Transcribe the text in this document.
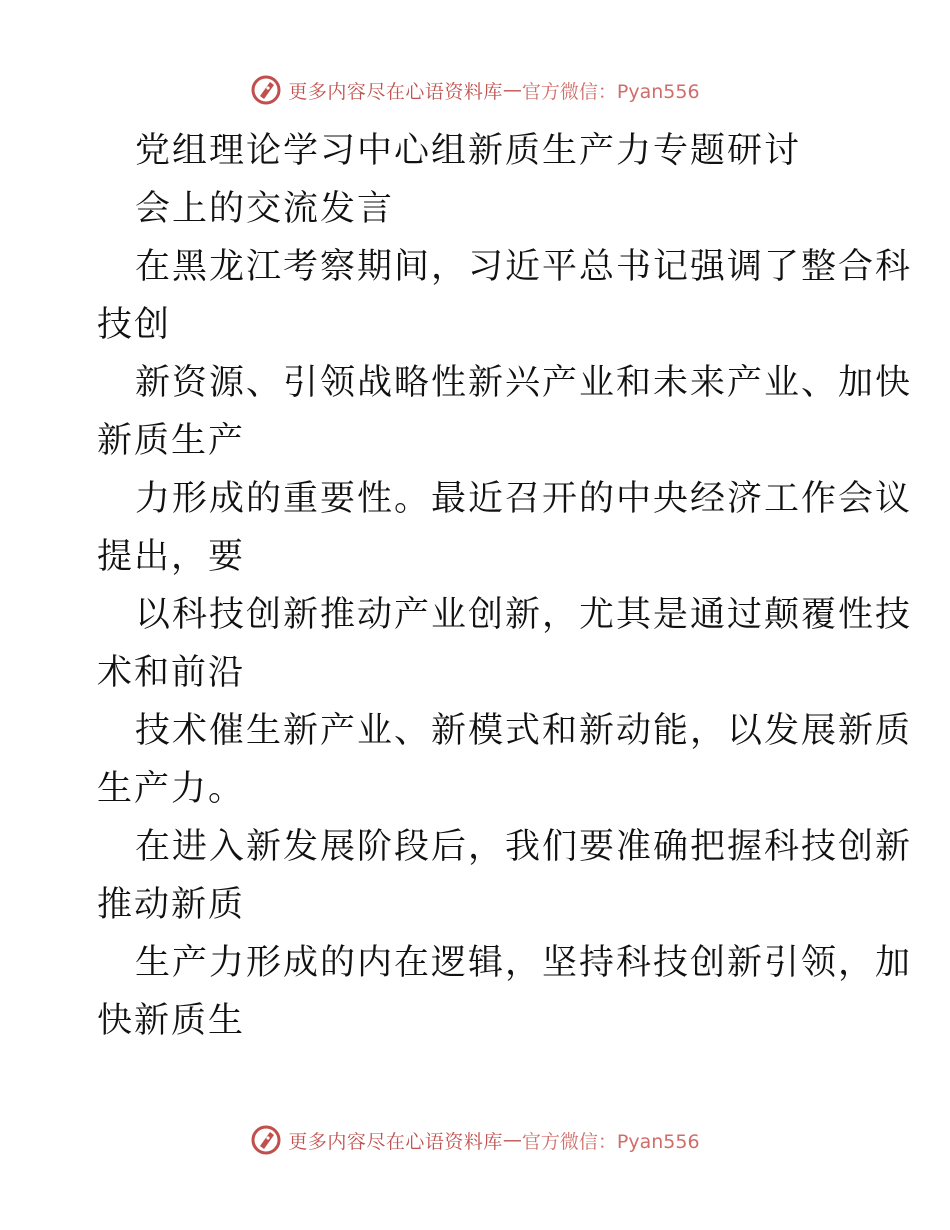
更多内容尽在心语资料库 — 官方微信：Pyan556
党组理论学习中心组新质生产力专题研讨
会上的交流发言
在黑龙江考察期间，习近平总书记强调了整合科
技创
新资源、引领战略性新兴产业和未来产业、加快
新质生产
力形成的重要性。最近召开的中央经济工作会议
提出，要
以科技创新推动产业创新，尤其是通过颠覆性技
术和前沿
技术催生新产业、新模式和新动能，以发展新质
生产力。
在进入新发展阶段后，我们要准确把握科技创新
推动新质
生产力形成的内在逻辑，坚持科技创新引领，加
快新质生
更多内容尽在心语资料库 — 官方微信：Pyan556
